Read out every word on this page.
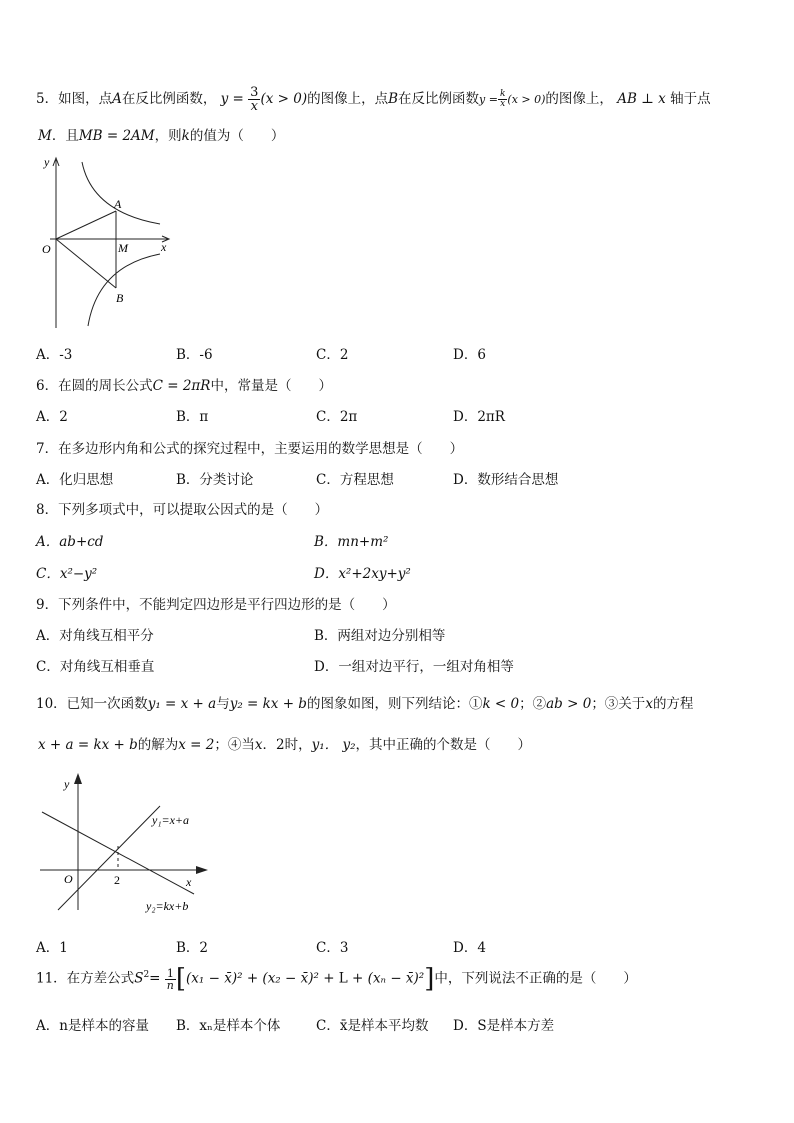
5．如图，点A在反比例函数， $y = \frac{3}{x} (x > 0)$的图像上，点B在反比例函数$y = \frac{k}{x} (x > 0)$的图像上， AB ⊥ x 轴于点
M．且MB = 2AM，则k的值为（　　）
y
x
O
A
M
B
A．-3	B．-6	C．2	D．6
6．在圆的周长公式C = 2πR中，常量是（　　）
A．2	B．π	C．2π	D．2πR
7．在多边形内角和公式的探究过程中，主要运用的数学思想是（　　）
A．化归思想	B．分类讨论	C．方程思想	D．数形结合思想
8．下列多项式中，可以提取公因式的是（　　）
A．ab+cd	B．mn+m²
C．x²−y²	D．x²+2xy+y²
9．下列条件中，不能判定四边形是平行四边形的是（　　）
A．对角线互相平分	B．两组对边分别相等
C．对角线互相垂直	D．一组对边平行，一组对角相等
10．已知一次函数y₁ = x + a与y₂ = kx + b的图象如图，则下列结论：①k < 0；②ab > 0；③关于x的方程
x + a = kx + b的解为x = 2；④当x．2时，y₁． y₂，其中正确的个数是（　　）
y
x
O	2
y₁=x+a
y₂=kx+b
A．1	B．2	C．3	D．4
11．在方差公式$S^2= \frac{1}{n} [(x_1$ − x̄)² + (x₂ − x̄)² + L + (xₙ − x̄)²]中，下列说法不正确的是（　　）
A．n是样本的容量 B．xₙ是样本个体	C．x̄是样本平均数 D．S是样本方差
